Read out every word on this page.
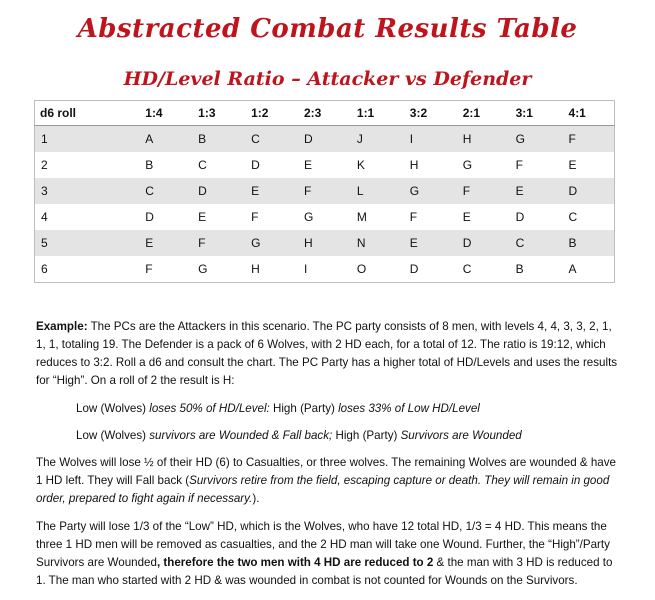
Abstracted Combat Results Table
HD/Level Ratio – Attacker vs Defender
d6 roll	1:4	1:3	1:2	2:3	1:1	3:2	2:1	3:1	4:1
1	A	B	C	D	J	I	H	G	F
2	B	C	D	E	K	H	G	F	E
3	C	D	E	F	L	G	F	E	D
4	D	E	F	G	M	F	E	D	C
5	E	F	G	H	N	E	D	C	B
6	F	G	H	I	O	D	C	B	A

Example: The PCs are the Attackers in this scenario. The PC party consists of 8 men, with levels 4, 4, 3, 3, 2, 1, 1, 1, totaling 19. The Defender is a pack of 6 Wolves, with 2 HD each, for a total of 12. The ratio is 19:12, which reduces to 3:2. Roll a d6 and consult the chart. The PC Party has a higher total of HD/Levels and uses the results for “High”. On a roll of 2 the result is H:

Low (Wolves) loses 50% of HD/Level: High (Party) loses 33% of Low HD/Level

Low (Wolves) survivors are Wounded & Fall back; High (Party) Survivors are Wounded

The Wolves will lose ½ of their HD (6) to Casualties, or three wolves. The remaining Wolves are wounded & have 1 HD left. They will Fall back (Survivors retire from the field, escaping capture or death. They will remain in good order, prepared to fight again if necessary.).

The Party will lose 1/3 of the “Low” HD, which is the Wolves, who have 12 total HD, 1/3 = 4 HD. This means the three 1 HD men will be removed as casualties, and the 2 HD man will take one Wound. Further, the “High”/Party Survivors are Wounded, therefore the two men with 4 HD are reduced to 2 & the man with 3 HD is reduced to 1. The man who started with 2 HD & was wounded in combat is not counted for Wounds on the Survivors.
